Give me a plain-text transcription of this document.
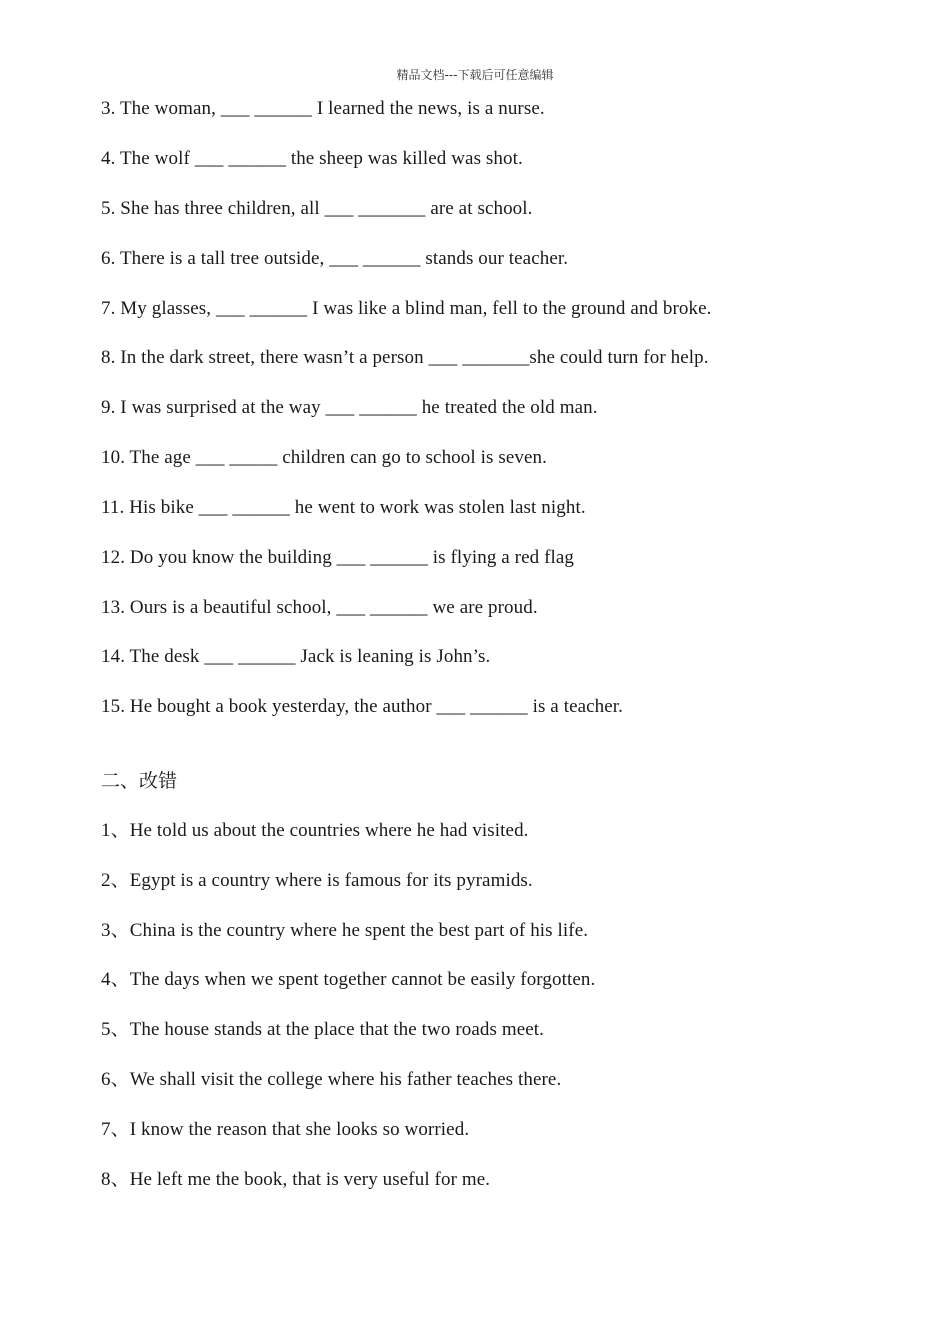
精品文档---下载后可任意编辑
3. The woman, ___ ______ I learned the news, is a nurse.
4. The wolf ___ ______ the sheep was killed was shot.
5. She has three children, all ___ _______ are at school.
6. There is a tall tree outside, ___ ______ stands our teacher.
7. My glasses, ___ ______ I was like a blind man, fell to the ground and broke.
8. In the dark street, there wasn’t a person ___ _______she could turn for help.
9. I was surprised at the way ___ ______ he treated the old man.
10. The age ___ _____ children can go to school is seven.
11. His bike ___ ______ he went to work was stolen last night.
12. Do you know the building ___ ______ is flying a red flag
13. Ours is a beautiful school, ___ ______ we are proud.
14. The desk ___ ______ Jack is leaning is John’s.
15. He bought a book yesterday, the author ___ ______ is a teacher.
二、改错
1、He told us about the countries where he had visited.
2、Egypt is a country where is famous for its pyramids.
3、China is the country where he spent the best part of his life.
4、The days when we spent together cannot be easily forgotten.
5、The house stands at the place that the two roads meet.
6、We shall visit the college where his father teaches there.
7、I know the reason that she looks so worried.
8、He left me the book, that is very useful for me.
